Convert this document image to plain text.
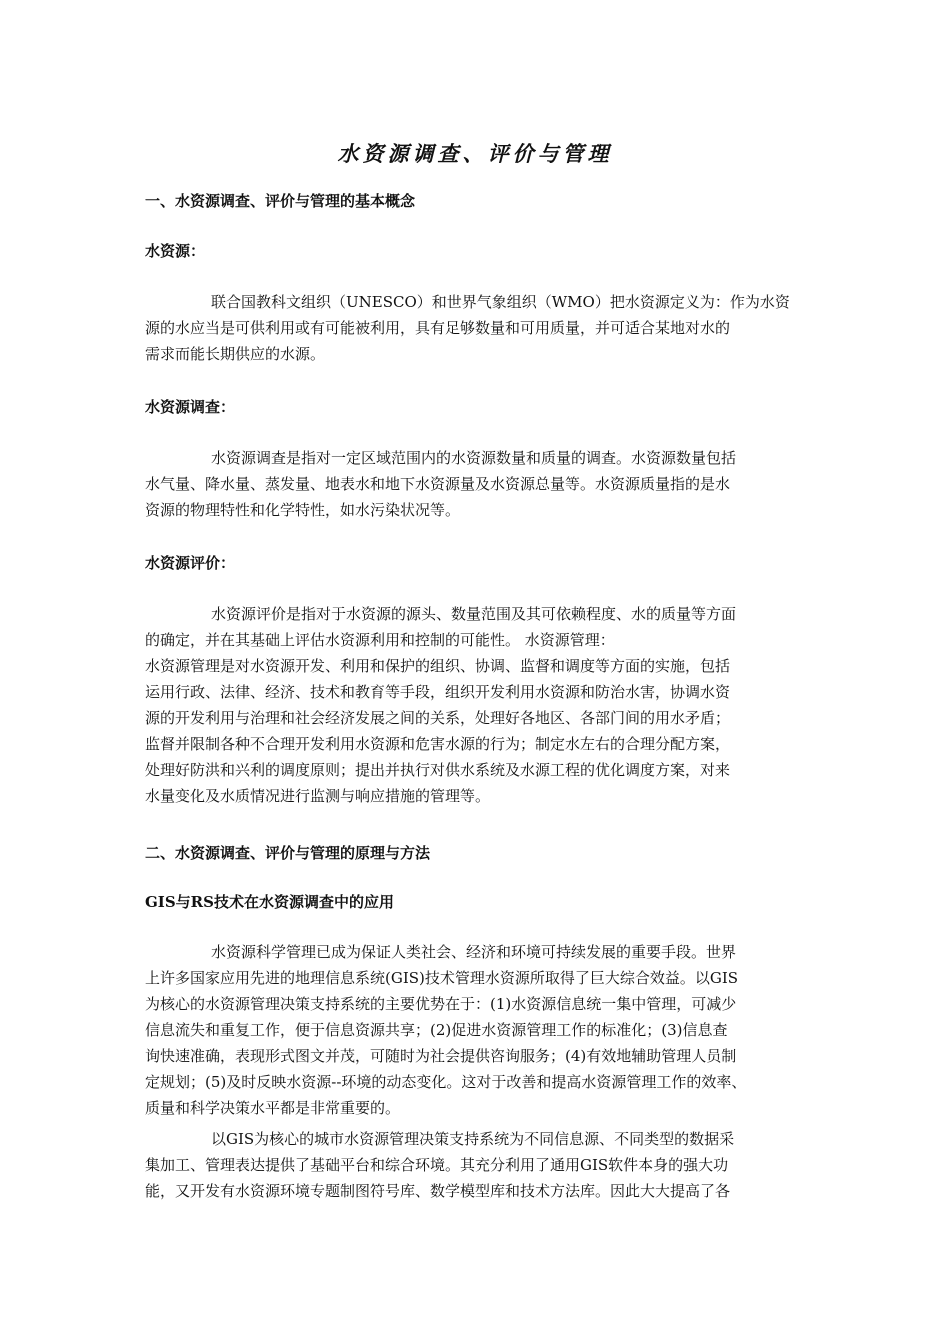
水资源调查、评价与管理
一、水资源调查、评价与管理的基本概念
水资源：
联合国教科文组织（UNESCO）和世界气象组织（WMO）把水资源定义为：作为水资
源的水应当是可供利用或有可能被利用，具有足够数量和可用质量，并可适合某地对水的
需求而能长期供应的水源。
水资源调查：
水资源调查是指对一定区域范围内的水资源数量和质量的调查。水资源数量包括
水气量、降水量、蒸发量、地表水和地下水资源量及水资源总量等。水资源质量指的是水
资源的物理特性和化学特性，如水污染状况等。
水资源评价：
水资源评价是指对于水资源的源头、数量范围及其可依赖程度、水的质量等方面
的确定，并在其基础上评估水资源利用和控制的可能性。 水资源管理：
水资源管理是对水资源开发、利用和保护的组织、协调、监督和调度等方面的实施，包括
运用行政、法律、经济、技术和教育等手段，组织开发利用水资源和防治水害，协调水资
源的开发利用与治理和社会经济发展之间的关系，处理好各地区、各部门间的用水矛盾；
监督并限制各种不合理开发利用水资源和危害水源的行为；制定水左右的合理分配方案，
处理好防洪和兴利的调度原则；提出并执行对供水系统及水源工程的优化调度方案，对来
水量变化及水质情况进行监测与响应措施的管理等。
二、水资源调查、评价与管理的原理与方法
GIS与RS技术在水资源调查中的应用
水资源科学管理已成为保证人类社会、经济和环境可持续发展的重要手段。世界
上许多国家应用先进的地理信息系统(GIS)技术管理水资源所取得了巨大综合效益。以GIS
为核心的水资源管理决策支持系统的主要优势在于：(1)水资源信息统一集中管理，可减少
信息流失和重复工作，便于信息资源共享；(2)促进水资源管理工作的标准化；(3)信息查
询快速准确，表现形式图文并茂，可随时为社会提供咨询服务；(4)有效地辅助管理人员制
定规划；(5)及时反映水资源--环境的动态变化。这对于改善和提高水资源管理工作的效率、
质量和科学决策水平都是非常重要的。
以GIS为核心的城市水资源管理决策支持系统为不同信息源、不同类型的数据采
集加工、管理表达提供了基础平台和综合环境。其充分利用了通用GIS软件本身的强大功
能，又开发有水资源环境专题制图符号库、数学模型库和技术方法库。因此大大提高了各
